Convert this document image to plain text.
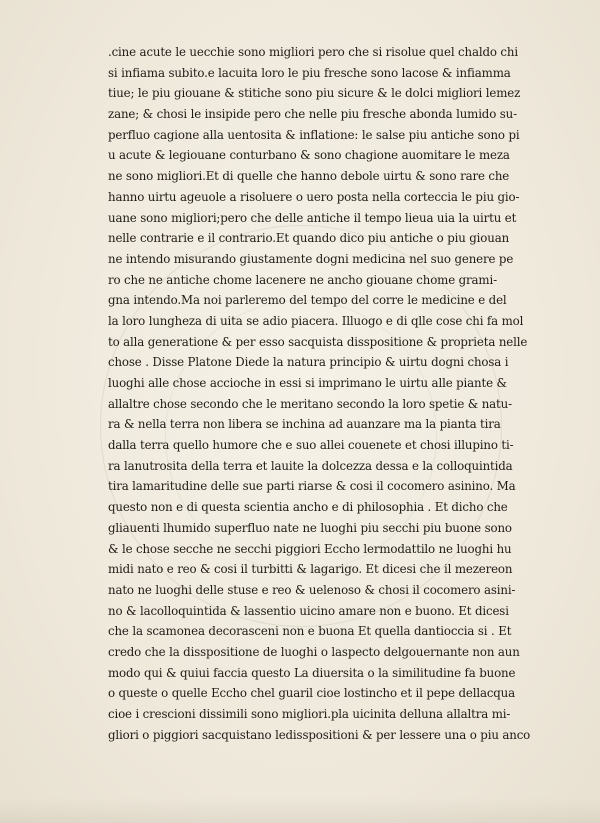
.cine acute le uecchie sono migliori pero che si risolue quel chaldo chi
si infiama subito.e lacuita loro le piu fresche sono lacose & infiamma
tiue; le piu giouane & stitiche sono piu sicure & le dolci migliori lemez
zane; & chosi le insipide pero che nelle piu fresche abonda lumido su-
perfluo cagione alla uentosita & inflatione: le salse piu antiche sono pi
u acute & legiouane conturbano & sono chagione auomitare le meza
ne sono migliori.Et di quelle che hanno debole uirtu & sono rare che
hanno uirtu ageuole a risoluere o uero posta nella corteccia le piu gio-
uane sono migliori;pero che delle antiche il tempo lieua uia la uirtu et
nelle contrarie e il contrario.Et quando dico piu antiche o piu giouan
ne intendo misurando giustamente dogni medicina nel suo genere pe
ro che ne antiche chome lacenere ne ancho giouane chome grami-
gna intendo.Ma noi parleremo del tempo del corre le medicine e del
la loro lungheza di uita se adio piacera. Illuogo e di qlle cose chi fa mol
to alla generatione & per esso sacquista disspositione & proprieta nelle
chose . Disse Platone Diede la natura principio & uirtu dogni chosa i
luoghi alle chose accioche in essi si imprimano le uirtu alle piante &
allaltre chose secondo che le meritano secondo la loro spetie & natu-
ra & nella terra non libera se inchina ad auanzare ma la pianta tira
dalla terra quello humore che e suo allei couenete et chosi illupino ti-
ra lanutrosita della terra et lauite la dolcezza dessa e la colloquintida
tira lamaritudine delle sue parti riarse & cosi il cocomero asinino. Ma
questo non e di questa scientia ancho e di philosophia . Et dicho che
gliauenti lhumido superfluo nate ne luoghi piu secchi piu buone sono
& le chose secche ne secchi piggiori Eccho lermodattilo ne luoghi hu
midi nato e reo & cosi il turbitti & lagarigo. Et dicesi che il mezereon
nato ne luoghi delle stuse e reo & uelenoso & chosi il cocomero asini-
no & lacolloquintida & lassentio uicino amare non e buono. Et dicesi
che la scamonea decorasceni non e buona Et quella dantioccia si . Et
credo che la disspositione de luoghi o laspecto delgouernante non aun
modo qui & quiui faccia questo La diuersita o la similitudine fa buone
o queste o quelle Eccho chel guaril cioe lostincho et il pepe dellacqua
cioe i crescioni dissimili sono migliori.pla uicinita delluna allaltra mi-
gliori o piggiori sacquistano ledisspositioni & per lessere una o piu anco
